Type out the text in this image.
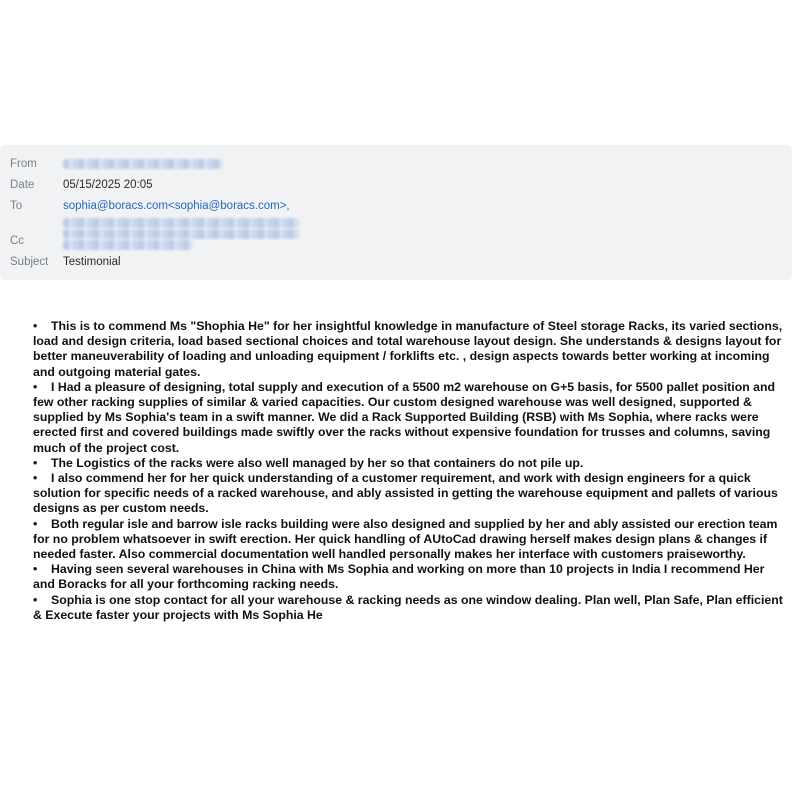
From
Date 05/15/2025 20:05
To	sophia@boracs.com<sophia@boracs.com>,
Cc
Subject Testimonial
• This is to commend Ms "Shophia He" for her insightful knowledge in manufacture of Steel storage Racks, its varied sections, load and design criteria, load based sectional choices and total warehouse layout design. She understands & designs layout for better maneuverability of loading and unloading equipment / forklifts etc. , design aspects towards better working at incoming and outgoing material gates.
• I Had a pleasure of designing, total supply and execution of a 5500 m2 warehouse on G+5 basis, for 5500 pallet position and few other racking supplies of similar & varied capacities. Our custom designed warehouse was well designed, supported & supplied by Ms Sophia's team in a swift manner. We did a Rack Supported Building (RSB) with Ms Sophia, where racks were erected first and covered buildings made swiftly over the racks without expensive foundation for trusses and columns, saving much of the project cost.
• The Logistics of the racks were also well managed by her so that containers do not pile up.
• I also commend her for her quick understanding of a customer requirement, and work with design engineers for a quick solution for specific needs of a racked warehouse, and ably assisted in getting the warehouse equipment and pallets of various designs as per custom needs.
• Both regular isle and barrow isle racks building were also designed and supplied by her and ably assisted our erection team for no problem whatsoever in swift erection. Her quick handling of AUtoCad drawing herself makes design plans & changes if needed faster. Also commercial documentation well handled personally makes her interface with customers praiseworthy.
• Having seen several warehouses in China with Ms Sophia and working on more than 10 projects in India I recommend Her and Boracks for all your forthcoming racking needs.
• Sophia is one stop contact for all your warehouse & racking needs as one window dealing. Plan well, Plan Safe, Plan efficient & Execute faster your projects with Ms Sophia He
